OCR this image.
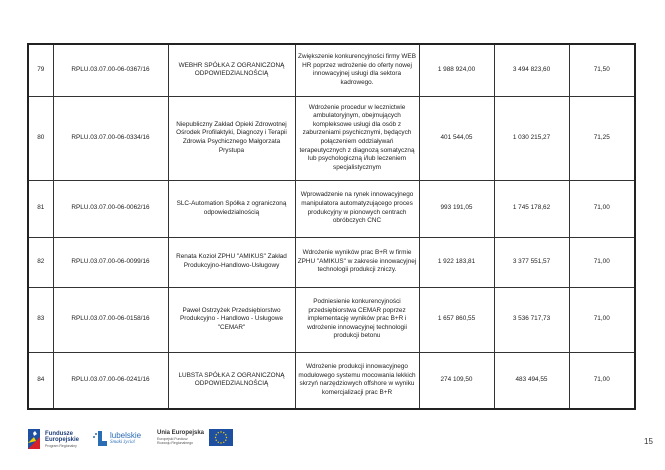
79	RPLU.03.07.00-06-0367/16	WEBHR SPÓŁKA Z OGRANICZONĄ ODPOWIEDZIALNOŚCIĄ	Zwiększenie konkurencyjności firmy WEB HR poprzez wdrożenie do oferty nowej innowacyjnej usługi dla sektora kadrowego.	1 988 924,00	3 494 823,60	71,50
80	RPLU.03.07.00-06-0334/16	Niepubliczny Zakład Opieki Zdrowotnej Ośrodek Profilaktyki, Diagnozy i Terapii Zdrowia Psychicznego Małgorzata Prystupa	Wdrożenie procedur w lecznictwie ambulatoryjnym, obejmujących kompleksowe usługi dla osób z zaburzeniami psychicznymi, będących połączeniem oddziaływań terapeutycznych z diagnozą somatyczną lub psychologiczną i/lub leczeniem specjalistycznym	401 544,05	1 030 215,27	71,25
81	RPLU.03.07.00-06-0062/16	SLC-Automation Spółka z ograniczoną odpowiedzialnością	Wprowadzenie na rynek innowacyjnego manipulatora automatyzującego proces produkcyjny w pionowych centrach obróbczych CNC	993 191,05	1 745 178,62	71,00
82	RPLU.03.07.00-06-0099/16	Renata Kozioł ZPHU "AMIKUS" Zakład Produkcyjno-Handlowo-Usługowy	Wdrożenie wyników prac B+R w firmie ZPHU "AMIKUS" w zakresie innowacyjnej technologii produkcji zniczy.	1 922 183,81	3 377 551,57	71,00
83	RPLU.03.07.00-06-0158/16	Paweł Ostrzyżek Przedsiębiorstwo Produkcyjno - Handlowo - Usługowe "CEMAR"	Podniesienie konkurencyjności przedsiębiorstwa CEMAR poprzez implementację wyników prac B+R i wdrożenie innowacyjnej technologii produkcji betonu	1 657 860,55	3 536 717,73	71,00
84	RPLU.03.07.00-06-0241/16	LUBSTA SPÓŁKA Z OGRANICZONĄ ODPOWIEDZIALNOŚCIĄ	Wdrożenie produkcji innowacyjnego modułowego systemu mocowania lekkich skrzyń narzędziowych offshore w wyniku komercjalizacji prac B+R	274 109,50	483 494,55	71,00
Fundusze
Europejskie
Program Regionalny
lubelskie
Smaki życia!
Unia Europejska
Europejski Fundusz
Rozwoju Regionalnego	15
